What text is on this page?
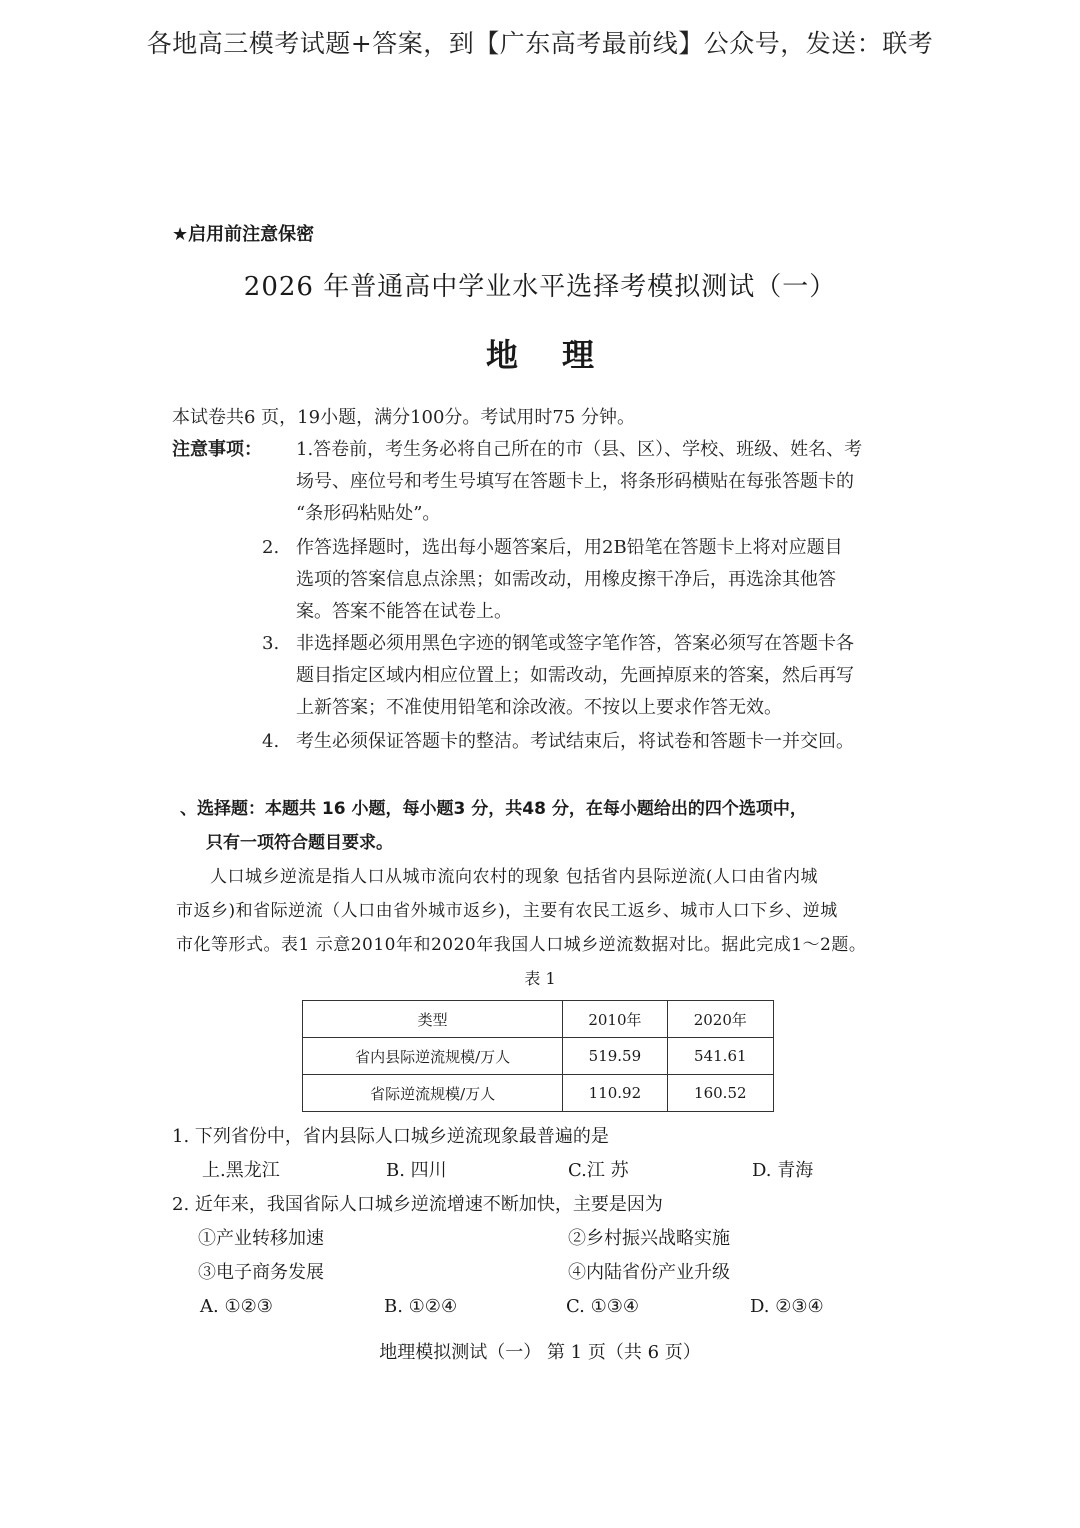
各地高三模考试题+答案，到【广东高考最前线】公众号，发送：联考
★启用前注意保密
2026 年普通高中学业水平选择考模拟测试（一）
地理
本试卷共6 页，19小题，满分100分。考试用时75 分钟。
注意事项： 1.答卷前，考生务必将自己所在的市（县、区）、学校、班级、姓名、考
场号、座位号和考生号填写在答题卡上，将条形码横贴在每张答题卡的
“条形码粘贴处”。
2. 作答选择题时，选出每小题答案后，用2B铅笔在答题卡上将对应题目
选项的答案信息点涂黑；如需改动，用橡皮擦干净后，再选涂其他答
案。答案不能答在试卷上。
3. 非选择题必须用黑色字迹的钢笔或签字笔作答，答案必须写在答题卡各
题目指定区域内相应位置上；如需改动，先画掉原来的答案，然后再写
上新答案；不准使用铅笔和涂改液。不按以上要求作答无效。
4. 考生必须保证答题卡的整洁。考试结束后，将试卷和答题卡一并交回。
、选择题：本题共 16 小题，每小题3 分，共48 分，在每小题给出的四个选项中，
只有一项符合题目要求。
人口城乡逆流是指人口从城市流向农村的现象 包括省内县际逆流(人口由省内城
市返乡)和省际逆流（人口由省外城市返乡)，主要有农民工返乡、城市人口下乡、逆城
市化等形式。表1 示意2010年和2020年我国人口城乡逆流数据对比。据此完成1～2题。
表 1
类型	2010年	2020年
省内县际逆流规模/万人	519.59	541.61
省际逆流规模/万人	110.92	160.52
1. 下列省份中，省内县际人口城乡逆流现象最普遍的是
上.黑龙江	B. 四川	C.江 苏	D. 青海
2. 近年来，我国省际人口城乡逆流增速不断加快，主要是因为
①产业转移加速	②乡村振兴战略实施
③电子商务发展	④内陆省份产业升级
A. ①②③	B. ①②④	C. ①③④	D. ②③④
地理模拟测试（一） 第 1 页（共 6 页）
